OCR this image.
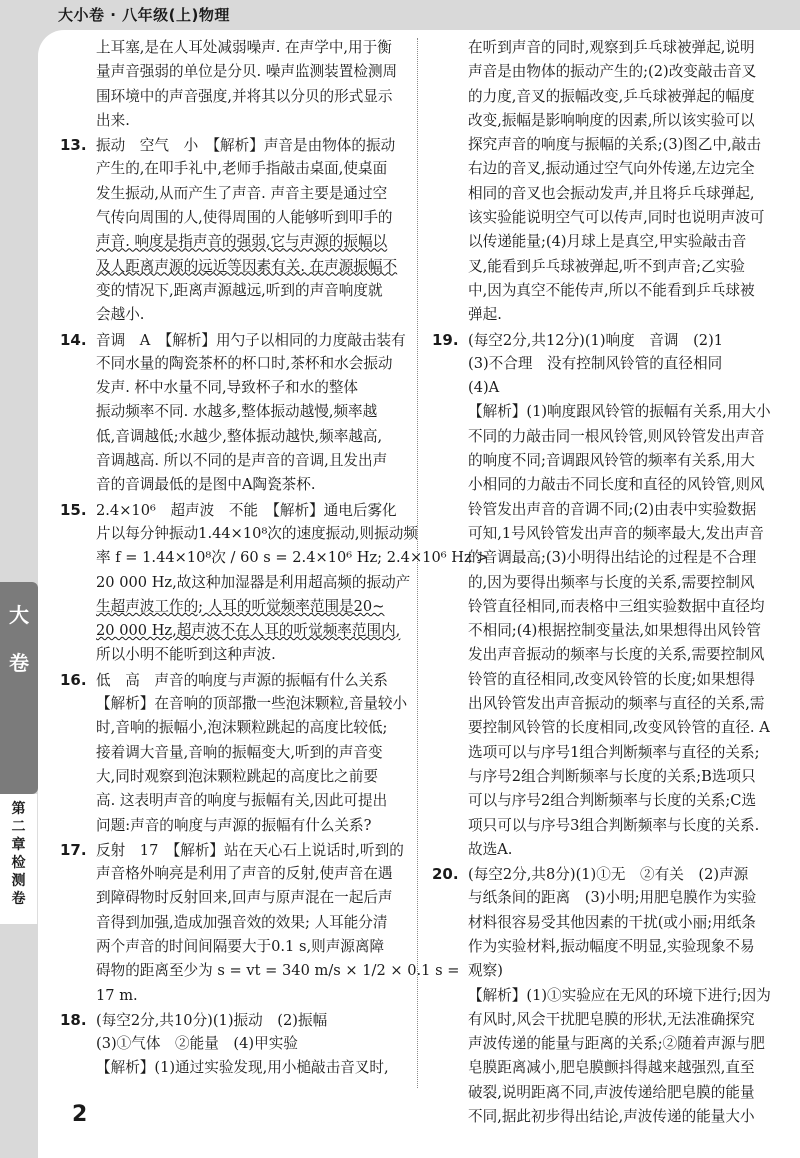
大小卷 · 八年级(上)物理
上耳塞,是在人耳处减弱噪声. 在声学中,用于衡
量声音强弱的单位是分贝. 噪声监测装置检测周
围环境中的声音强度,并将其以分贝的形式显示
出来.
13. 振动　空气　小　【解析】声音是由物体的振动
产生的,在叩手礼中,老师手指敲击桌面,使桌面
发生振动,从而产生了声音. 声音主要是通过空
气传向周围的人,使得周围的人能够听到叩手的
声音. 响度是指声音的强弱,它与声源的振幅以
及人距离声源的远近等因素有关. 在声源振幅不
变的情况下,距离声源越远,听到的声音响度就
会越小.
14. 音调　A　【解析】用勺子以相同的力度敲击装有
不同水量的陶瓷茶杯的杯口时,茶杯和水会振动
发声. 杯中水量不同,导致杯子和水的整体
振动频率不同. 水越多,整体振动越慢,频率越
低,音调越低;水越少,整体振动越快,频率越高,
音调越高. 所以不同的是声音的音调,且发出声
音的音调最低的是图中A陶瓷茶杯.
15. 2.4×10⁶　超声波　不能　【解析】通电后雾化
片以每分钟振动1.44×10⁸次的速度振动,则振动频
率 f = 1.44×10⁸次 / 60 s = 2.4×10⁶ Hz; 2.4×10⁶ Hz >
20 000 Hz,故这种加湿器是利用超高频的振动产
生超声波工作的; 人耳的听觉频率范围是20~
20 000 Hz,超声波不在人耳的听觉频率范围内,
所以小明不能听到这种声波.
16. 低　高　声音的响度与声源的振幅有什么关系
【解析】在音响的顶部撒一些泡沫颗粒,音量较小
时,音响的振幅小,泡沫颗粒跳起的高度比较低;
接着调大音量,音响的振幅变大,听到的声音变
大,同时观察到泡沫颗粒跳起的高度比之前要
高. 这表明声音的响度与振幅有关,因此可提出
问题:声音的响度与声源的振幅有什么关系?
17. 反射　17　【解析】站在天心石上说话时,听到的
声音格外响亮是利用了声音的反射,使声音在遇
到障碍物时反射回来,回声与原声混在一起后声
音得到加强,造成加强音效的效果; 人耳能分清
两个声音的时间间隔要大于0.1 s,则声源离障
碍物的距离至少为 s = vt = 340 m/s × 1/2 × 0.1 s =
17 m.
18. (每空2分,共10分)(1)振动　(2)振幅
(3)①气体　②能量　(4)甲实验
【解析】(1)通过实验发现,用小槌敲击音叉时,
在听到声音的同时,观察到乒乓球被弹起,说明
声音是由物体的振动产生的;(2)改变敲击音叉
的力度,音叉的振幅改变,乒乓球被弹起的幅度
改变,振幅是影响响度的因素,所以该实验可以
探究声音的响度与振幅的关系;(3)图乙中,敲击
右边的音叉,振动通过空气向外传递,左边完全
相同的音叉也会振动发声,并且将乒乓球弹起,
该实验能说明空气可以传声,同时也说明声波可
以传递能量;(4)月球上是真空,甲实验敲击音
叉,能看到乒乓球被弹起,听不到声音;乙实验
中,因为真空不能传声,所以不能看到乒乓球被
弹起.
19. (每空2分,共12分)(1)响度　音调　(2)1
(3)不合理　没有控制风铃管的直径相同
(4)A
【解析】(1)响度跟风铃管的振幅有关系,用大小
不同的力敲击同一根风铃管,则风铃管发出声音
的响度不同;音调跟风铃管的频率有关系,用大
小相同的力敲击不同长度和直径的风铃管,则风
铃管发出声音的音调不同;(2)由表中实验数据
可知,1号风铃管发出声音的频率最大,发出声音
的音调最高;(3)小明得出结论的过程是不合理
的,因为要得出频率与长度的关系,需要控制风
铃管直径相同,而表格中三组实验数据中直径均
不相同;(4)根据控制变量法,如果想得出风铃管
发出声音振动的频率与长度的关系,需要控制风
铃管的直径相同,改变风铃管的长度;如果想得
出风铃管发出声音振动的频率与直径的关系,需
要控制风铃管的长度相同,改变风铃管的直径. A
选项可以与序号1组合判断频率与直径的关系;
与序号2组合判断频率与长度的关系;B选项只
可以与序号2组合判断频率与长度的关系;C选
项只可以与序号3组合判断频率与长度的关系.
故选A.
20. (每空2分,共8分)(1)①无　②有关　(2)声源
与纸条间的距离　(3)小明;用肥皂膜作为实验
材料很容易受其他因素的干扰(或小丽;用纸条
作为实验材料,振动幅度不明显,实验现象不易
观察)
【解析】(1)①实验应在无风的环境下进行;因为
有风时,风会干扰肥皂膜的形状,无法准确探究
声波传递的能量与距离的关系;②随着声源与肥
皂膜距离减小,肥皂膜颤抖得越来越强烈,直至
破裂,说明距离不同,声波传递给肥皂膜的能量
不同,据此初步得出结论,声波传递的能量大小
大
卷
第
二
章
检
测
卷
2
